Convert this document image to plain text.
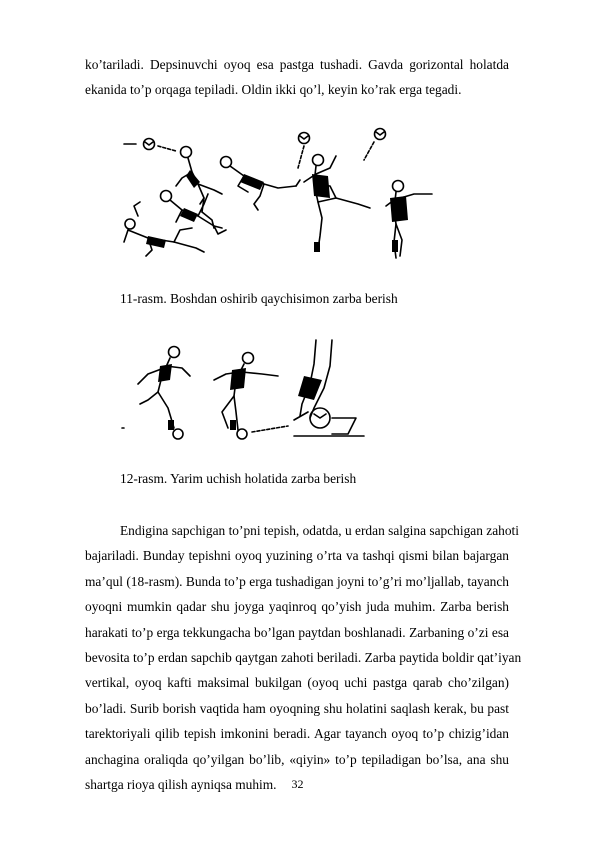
ko’tariladi. Depsinuvchi oyoq esa pastga tushadi. Gavda gorizontal holatda
ekanida to’p orqaga tepiladi. Oldin ikki qo’l, keyin ko’rak erga tegadi.

11-rasm. Boshdan oshirib qaychisimon zarba berish

12-rasm. Yarim uchish holatida zarba berish

Endigina sapchigan to’pni tepish, odatda, u erdan salgina sapchigan zahoti
bajariladi. Bunday tepishni oyoq yuzining o’rta va tashqi qismi bilan bajargan
ma’qul (18-rasm). Bunda to’p erga tushadigan joyni to’g’ri mo’ljallab, tayanch
oyoqni mumkin qadar shu joyga yaqinroq qo’yish juda muhim. Zarba berish
harakati to’p erga tekkungacha bo’lgan paytdan boshlanadi. Zarbaning o’zi esa
bevosita to’p erdan sapchib qaytgan zahoti beriladi. Zarba paytida boldir qat’iyan
vertikal, oyoq kafti maksimal bukilgan (oyoq uchi pastga qarab cho’zilgan)
bo’ladi. Surib borish vaqtida ham oyoqning shu holatini saqlash kerak, bu past
tarektoriyali qilib tepish imkonini beradi. Agar tayanch oyoq to’p chizig’idan
anchagina oraliqda qo’yilgan bo’lib, «qiyin» to’p tepiladigan bo’lsa, ana shu
shartga rioya qilish ayniqsa muhim.	32
